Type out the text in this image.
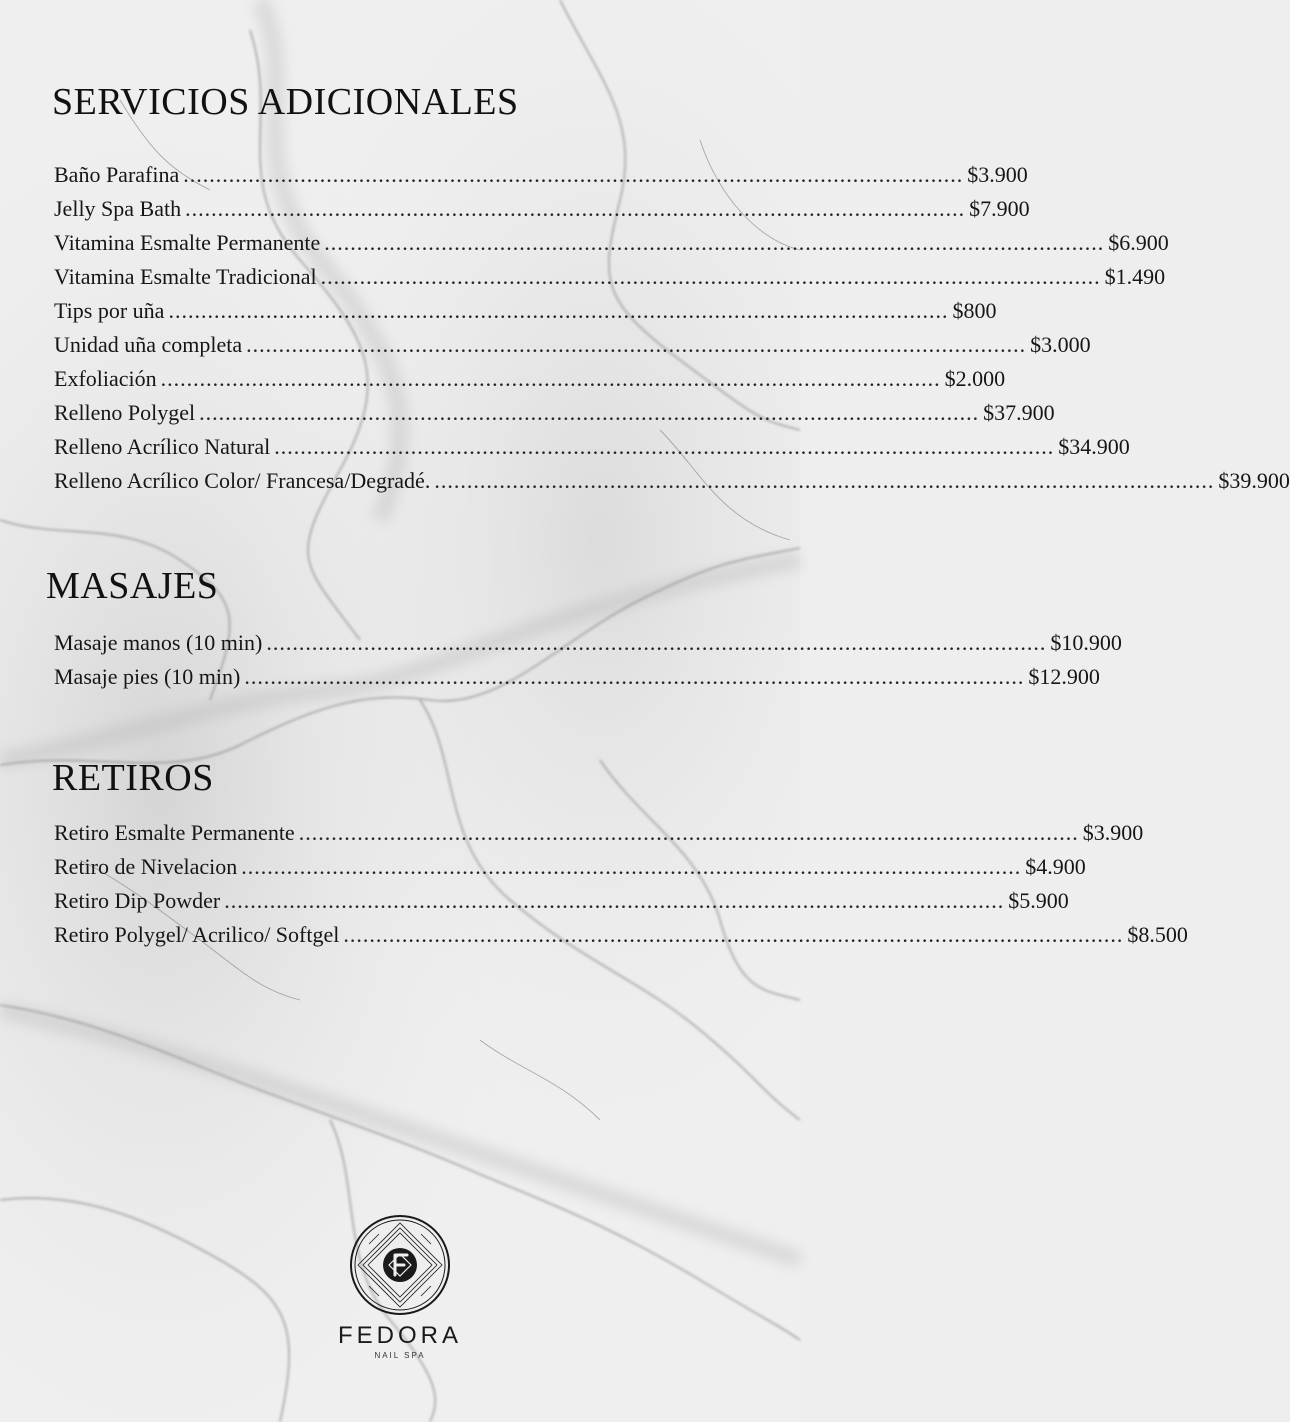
SERVICIOS ADICIONALES
Baño Parafina ........................................................................................................................ $3.900
Jelly Spa Bath ........................................................................................................................ $7.900
Vitamina Esmalte Permanente ........................................................................................................................ $6.900
Vitamina Esmalte Tradicional ........................................................................................................................ $1.490
Tips por uña ........................................................................................................................ $800
Unidad uña completa ........................................................................................................................ $3.000
Exfoliación ........................................................................................................................ $2.000
Relleno Polygel ........................................................................................................................ $37.900
Relleno Acrílico Natural ........................................................................................................................ $34.900
Relleno Acrílico Color/ Francesa/Degradé. ........................................................................................................................ $39.900
MASAJES
Masaje manos (10 min) ........................................................................................................................ $10.900
Masaje pies (10 min) ........................................................................................................................ $12.900
RETIROS
Retiro Esmalte Permanente ........................................................................................................................ $3.900
Retiro de Nivelacion ........................................................................................................................ $4.900
Retiro Dip Powder ........................................................................................................................ $5.900
Retiro Polygel/ Acrilico/ Softgel ........................................................................................................................ $8.500
FEDORA
NAIL SPA
